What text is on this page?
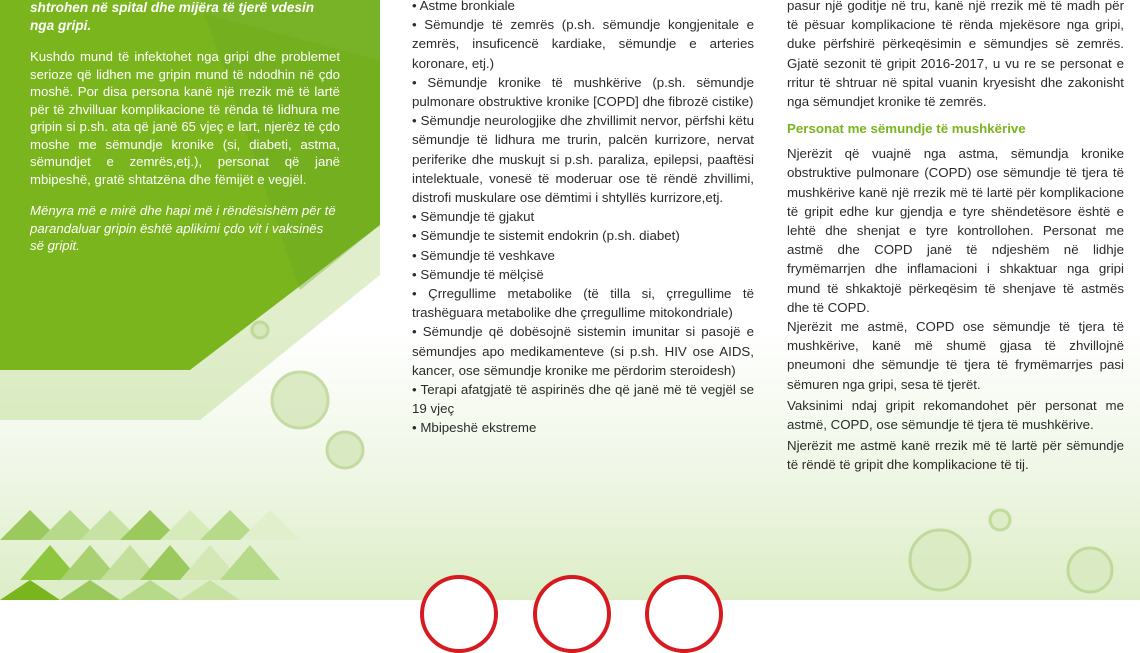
shtrohen në spital dhe mijëra të tjerë vdesin nga gripi.

Kushdo mund të infektohet nga gripi dhe problemet serioze që lidhen me gripin mund të ndodhin në çdo moshë. Por disa persona kanë një rrezik më të lartë për të zhvilluar komplikacione të rënda të lidhura me gripin si p.sh. ata që janë 65 vjeç e lart, njerëz të çdo moshe me sëmundje kronike (si, diabeti, astma, sëmundjet e zemrës,etj.), personat që janë mbipeshë, gratë shtatzëna dhe fëmijët e vegjël.

Mënyra më e mirë dhe hapi më i rëndësishëm për të parandaluar gripin është aplikimi çdo vit i vaksinës së gripit.

• Astme bronkiale

• Sëmundje të zemrës (p.sh. sëmundje kongjenitale e zemrës, insuficencë kardiake, sëmundje e arteries koronare, etj.)

• Sëmundje kronike të mushkërive (p.sh. sëmundje pulmonare obstruktive kronike [COPD] dhe fibrozë cistike)

• Sëmundje neurologjike dhe zhvillimit nervor, përfshi këtu sëmundje të lidhura me trurin, palcën kurrizore, nervat periferike dhe muskujt si p.sh. paraliza, epilepsi, paaftësi intelektuale, vonesë të moderuar ose të rëndë zhvillimi, distrofi muskulare ose dëmtimi i shtyllës kurrizore,etj.

• Sëmundje të gjakut

• Sëmundje te sistemit endokrin (p.sh. diabet)

• Sëmundje të veshkave

• Sëmundje të mëlçisë

• Çrregullime metabolike (të tilla si, çrregullime të trashëguara metabolike dhe çrregullime mitokondriale)

• Sëmundje që dobësojnë sistemin imunitar si pasojë e sëmundjes apo medikamenteve (si p.sh. HIV ose AIDS, kancer, ose sëmundje kronike me përdorim steroidesh)

• Terapi afatgjatë të aspirinës dhe që janë më të vegjël se 19 vjeç

• Mbipeshë ekstreme

pasur një goditje në tru, kanë një rrezik më të madh për të pësuar komplikacione të rënda mjekësore nga gripi, duke përfshirë përkeqësimin e sëmundjes së zemrës. Gjatë sezonit të gripit 2016-2017, u vu re se personat e rritur të shtruar në spital vuanin kryesisht dhe zakonisht nga sëmundjet kronike të zemrës.

Personat me sëmundje të mushkërive

Njerëzit që vuajnë nga astma, sëmundja kronike obstruktive pulmonare (COPD) ose sëmundje të tjera të mushkërive kanë një rrezik më të lartë për komplikacione të gripit edhe kur gjendja e tyre shëndetësore është e lehtë dhe shenjat e tyre kontrollohen. Personat me astmë dhe COPD janë të ndjeshëm në lidhje frymëmarrjen dhe inflamacioni i shkaktuar nga gripi mund të shkaktojë përkeqësim të shenjave të astmës dhe të COPD.

Njerëzit me astmë, COPD ose sëmundje të tjera të mushkërive, kanë më shumë gjasa të zhvillojnë pneumoni dhe sëmundje të tjera të frymëmarrjes pasi sëmuren nga gripi, sesa të tjerët.

Vaksinimi ndaj gripit rekomandohet për personat me astmë, COPD, ose sëmundje të tjera të mushkërive.

Njerëzit me astmë kanë rrezik më të lartë për sëmundje të rëndë të gripit dhe komplikacione të tij.
